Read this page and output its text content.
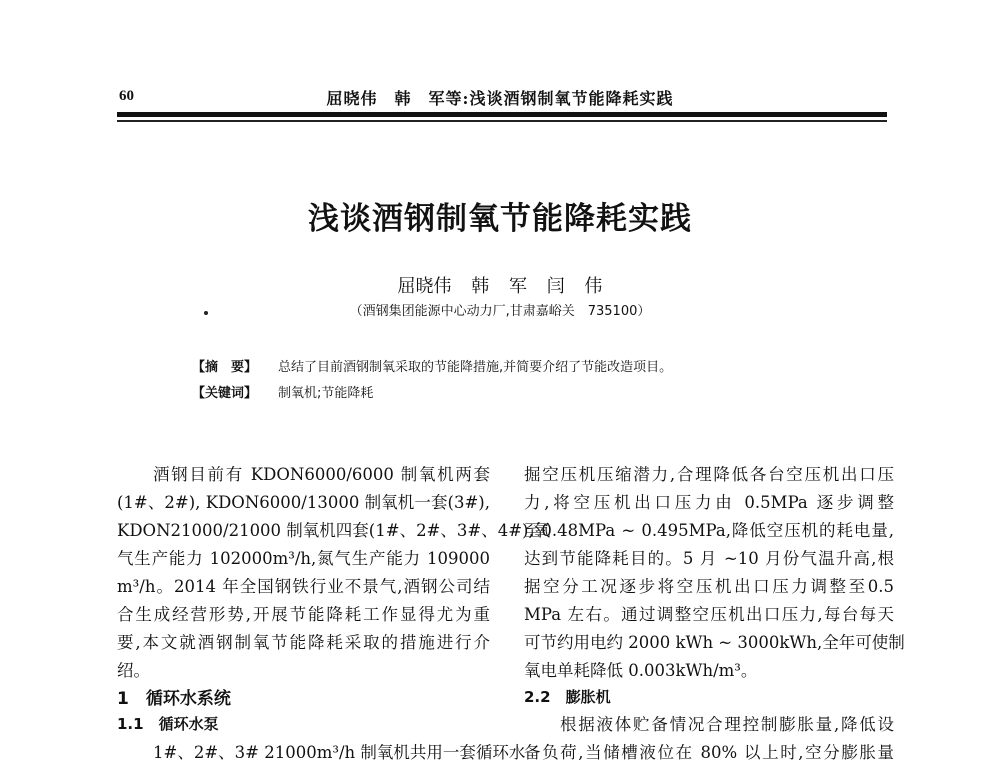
60	屈晓伟　韩　军等:浅谈酒钢制氧节能降耗实践
浅谈酒钢制氧节能降耗实践
屈晓伟 韩 军 闫 伟
（酒钢集团能源中心动力厂,甘肃嘉峪关　735100）
【摘　要】 总结了目前酒钢制氧采取的节能降措施,并简要介绍了节能改造项目。
【关键词】 制氧机;节能降耗
酒钢目前有 KDON6000/6000 制氧机两套
(1#、2#), KDON6000/13000 制氧机一套(3#),
KDON21000/21000 制氧机四套(1#、2#、3#、4#),氧
气生产能力 102000m³/h,氮气生产能力 109000
m³/h。2014 年全国钢铁行业不景气,酒钢公司结
合生成经营形势,开展节能降耗工作显得尤为重
要,本文就酒钢制氧节能降耗采取的措施进行介
绍。
1　循环水系统
1.1　循环水泵
1#、2#、3# 21000m³/h 制氧机共用一套循环水
掘空压机压缩潜力,合理降低各台空压机出口压
力,将空压机出口压力由 0.5MPa 逐步调整
至0.48MPa ~ 0.495MPa,降低空压机的耗电量,
达到节能降耗目的。5 月 ~10 月份气温升高,根
据空分工况逐步将空压机出口压力调整至0.5
MPa 左右。通过调整空压机出口压力,每台每天
可节约用电约 2000 kWh ~ 3000kWh,全年可使制
氧电单耗降低 0.003kWh/m³。
2.2　膨胀机
根据液体贮备情况合理控制膨胀量,降低设
备负荷,当储槽液位在 80% 以上时,空分膨胀量
